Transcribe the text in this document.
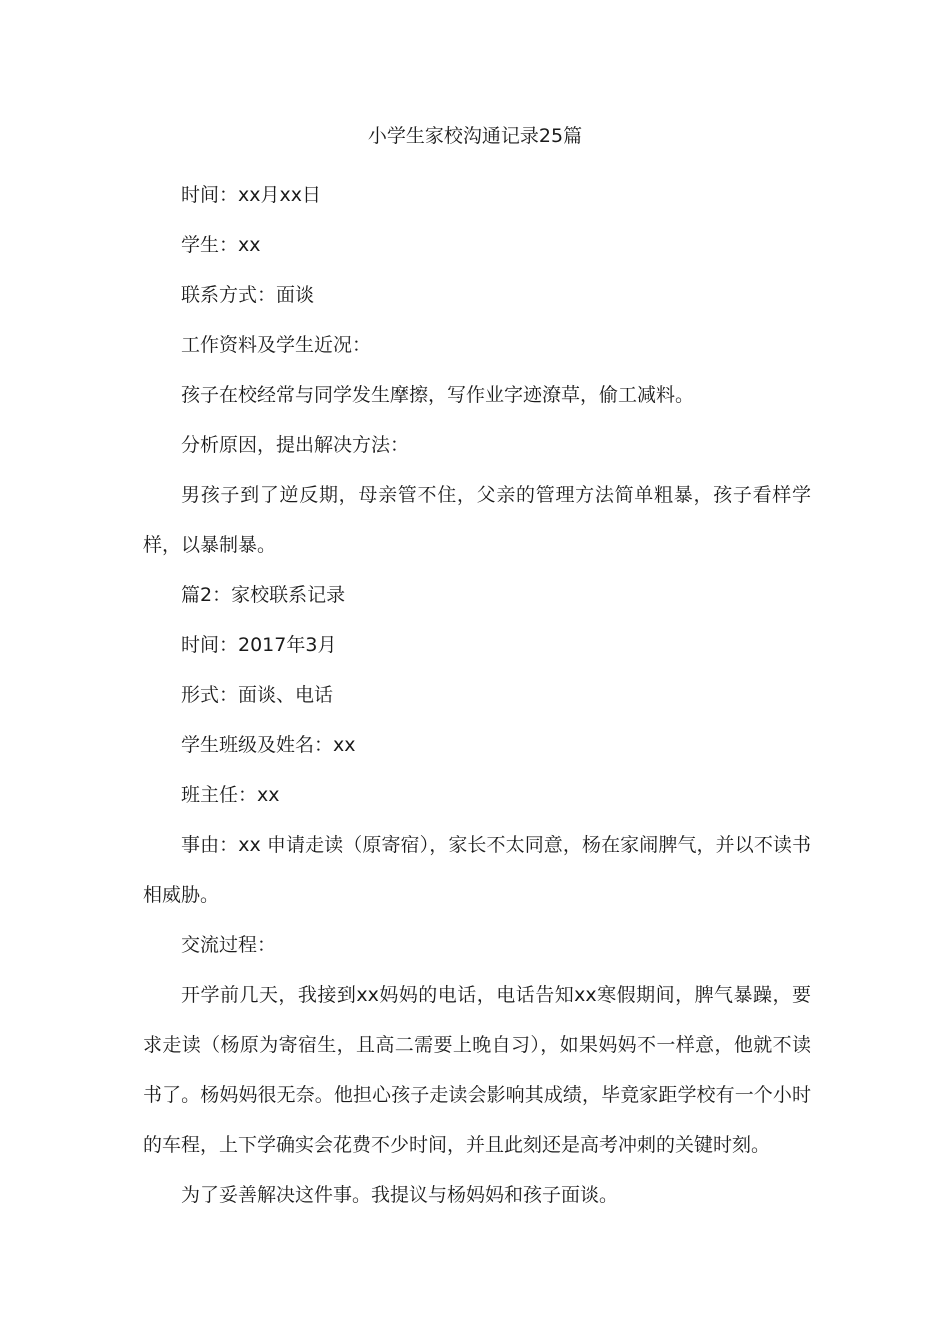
小学生家校沟通记录25篇

时间：xx月xx日

学生：xx

联系方式：面谈

工作资料及学生近况：

孩子在校经常与同学发生摩擦，写作业字迹潦草，偷工减料。

分析原因，提出解决方法：

男孩子到了逆反期，母亲管不住，父亲的管理方法简单粗暴，孩子看样学样，以暴制暴。

篇2：家校联系记录

时间：2017年3月

形式：面谈、电话

学生班级及姓名：xx

班主任：xx

事由：xx 申请走读（原寄宿），家长不太同意，杨在家闹脾气，并以不读书相威胁。

交流过程：

开学前几天，我接到xx妈妈的电话，电话告知xx寒假期间，脾气暴躁，要求走读（杨原为寄宿生，且高二需要上晚自习），如果妈妈不一样意，他就不读书了。杨妈妈很无奈。他担心孩子走读会影响其成绩，毕竟家距学校有一个小时的车程，上下学确实会花费不少时间，并且此刻还是高考冲刺的关键时刻。

为了妥善解决这件事。我提议与杨妈妈和孩子面谈。
